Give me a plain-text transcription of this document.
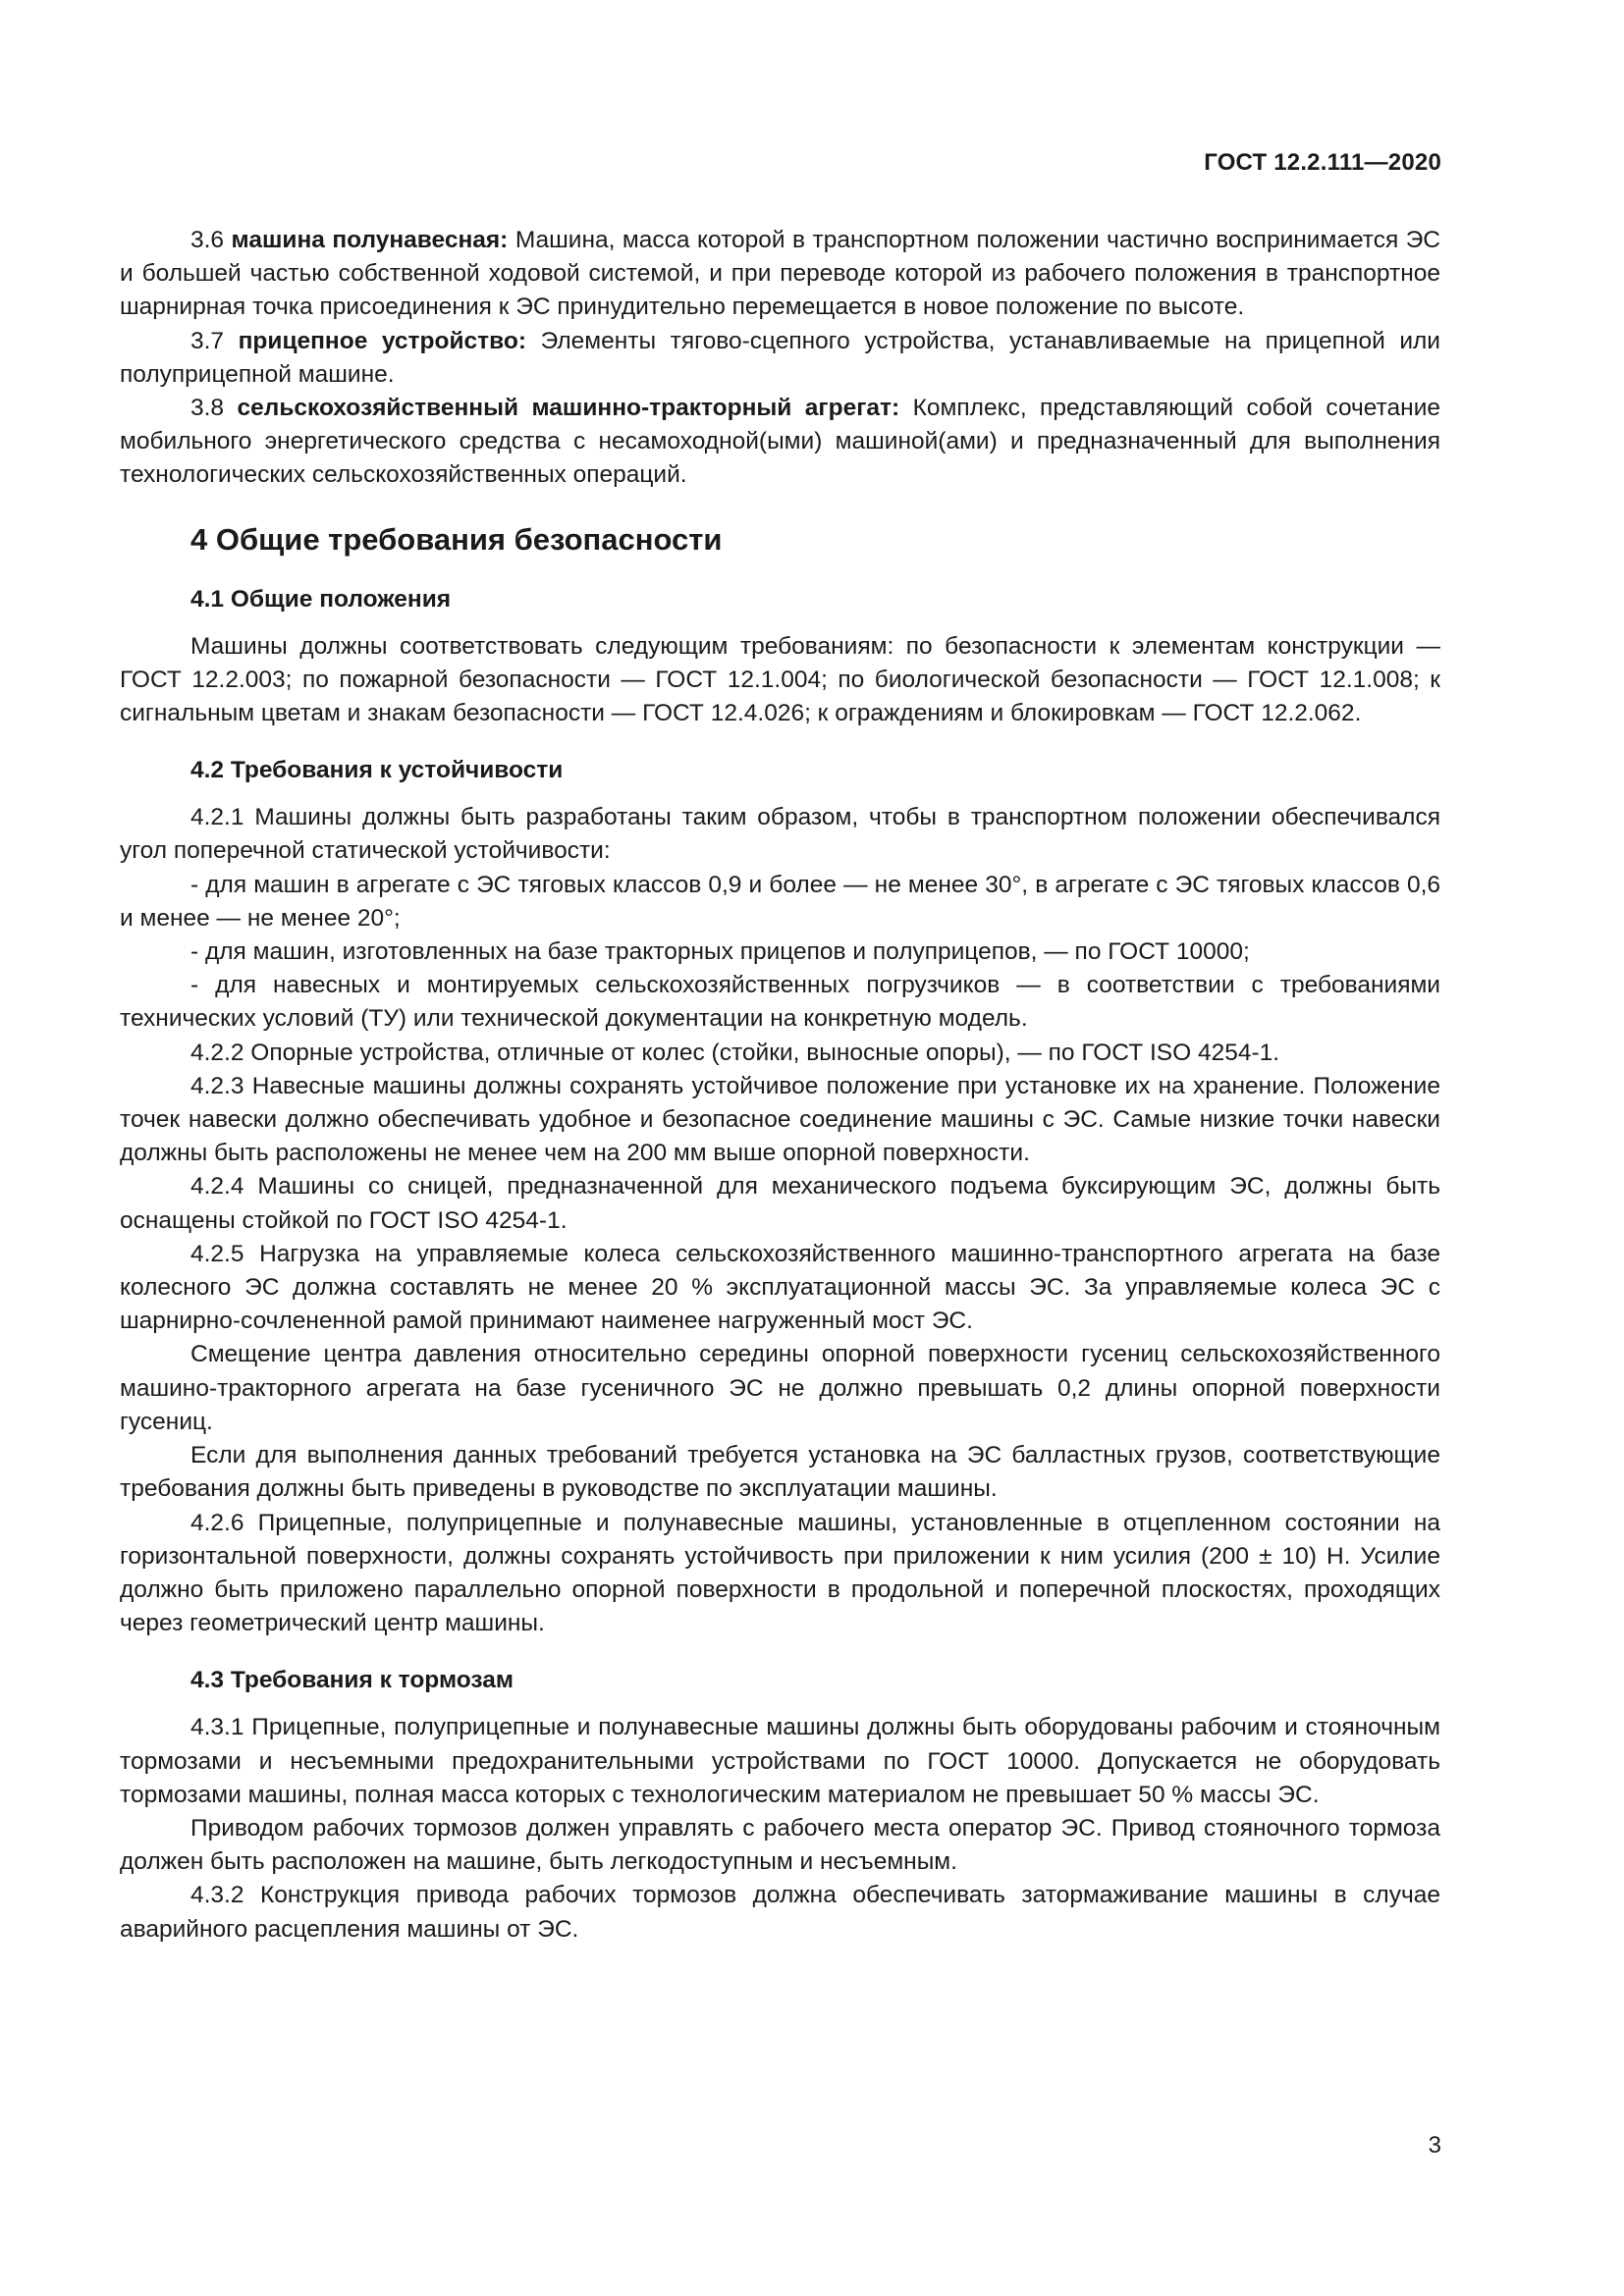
ГОСТ 12.2.111—2020

3.6 машина полунавесная: Машина, масса которой в транспортном положении частично воспринимается ЭС и большей частью собственной ходовой системой, и при переводе которой из рабочего положения в транспортное шарнирная точка присоединения к ЭС принудительно перемещается в новое положение по высоте.

3.7 прицепное устройство: Элементы тягово-сцепного устройства, устанавливаемые на прицепной или полуприцепной машине.

3.8 сельскохозяйственный машинно-тракторный агрегат: Комплекс, представляющий собой сочетание мобильного энергетического средства с несамоходной(ыми) машиной(ами) и предназначенный для выполнения технологических сельскохозяйственных операций.

4 Общие требования безопасности
4.1 Общие положения

Машины должны соответствовать следующим требованиям: по безопасности к элементам конструкции — ГОСТ 12.2.003; по пожарной безопасности — ГОСТ 12.1.004; по биологической безопасности — ГОСТ 12.1.008; к сигнальным цветам и знакам безопасности — ГОСТ 12.4.026; к ограждениям и блокировкам — ГОСТ 12.2.062.

4.2 Требования к устойчивости

4.2.1 Машины должны быть разработаны таким образом, чтобы в транспортном положении обеспечивался угол поперечной статической устойчивости:

- для машин в агрегате с ЭС тяговых классов 0,9 и более — не менее 30°, в агрегате с ЭС тяговых классов 0,6 и менее — не менее 20°;

- для машин, изготовленных на базе тракторных прицепов и полуприцепов, — по ГОСТ 10000;

- для навесных и монтируемых сельскохозяйственных погрузчиков — в соответствии с требованиями технических условий (ТУ) или технической документации на конкретную модель.

4.2.2 Опорные устройства, отличные от колес (стойки, выносные опоры), — по ГОСТ ISO 4254-1.

4.2.3 Навесные машины должны сохранять устойчивое положение при установке их на хранение. Положение точек навески должно обеспечивать удобное и безопасное соединение машины с ЭС. Самые низкие точки навески должны быть расположены не менее чем на 200 мм выше опорной поверхности.

4.2.4 Машины со сницей, предназначенной для механического подъема буксирующим ЭС, должны быть оснащены стойкой по ГОСТ ISO 4254-1.

4.2.5 Нагрузка на управляемые колеса сельскохозяйственного машинно-транспортного агрегата на базе колесного ЭС должна составлять не менее 20 % эксплуатационной массы ЭС. За управляемые колеса ЭС с шарнирно-сочлененной рамой принимают наименее нагруженный мост ЭС.

Смещение центра давления относительно середины опорной поверхности гусениц сельскохозяйственного машино-тракторного агрегата на базе гусеничного ЭС не должно превышать 0,2 длины опорной поверхности гусениц.

Если для выполнения данных требований требуется установка на ЭС балластных грузов, соответствующие требования должны быть приведены в руководстве по эксплуатации машины.

4.2.6 Прицепные, полуприцепные и полунавесные машины, установленные в отцепленном состоянии на горизонтальной поверхности, должны сохранять устойчивость при приложении к ним усилия (200 ± 10) Н. Усилие должно быть приложено параллельно опорной поверхности в продольной и поперечной плоскостях, проходящих через геометрический центр машины.

4.3 Требования к тормозам

4.3.1 Прицепные, полуприцепные и полунавесные машины должны быть оборудованы рабочим и стояночным тормозами и несъемными предохранительными устройствами по ГОСТ 10000. Допускается не оборудовать тормозами машины, полная масса которых с технологическим материалом не превышает 50 % массы ЭС.

Приводом рабочих тормозов должен управлять с рабочего места оператор ЭС. Привод стояночного тормоза должен быть расположен на машине, быть легкодоступным и несъемным.

4.3.2 Конструкция привода рабочих тормозов должна обеспечивать затормаживание машины в случае аварийного расцепления машины от ЭС.

3
